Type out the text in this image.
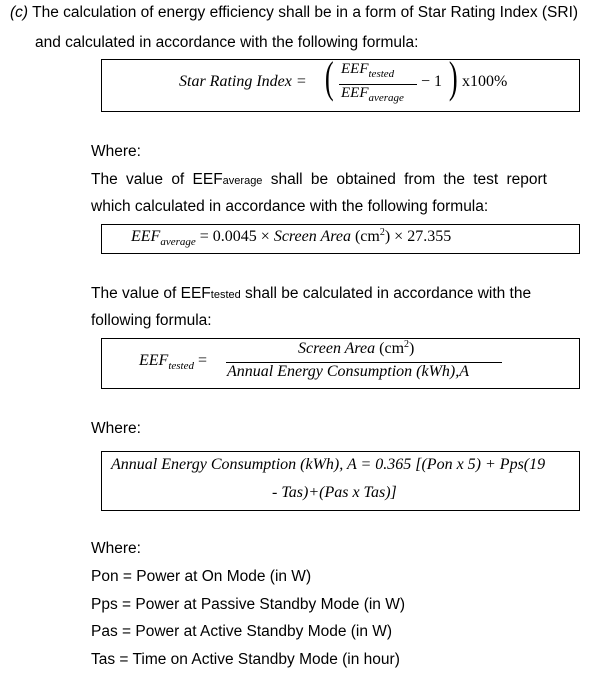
(c) The calculation of energy efficiency shall be in a form of Star Rating Index (SRI)
and calculated in accordance with the following formula:
Star Rating Index = ( $EEF_{tested}$
$EEF_{average}$
− 1 ) x100%
Where:
The value of EEFaverage shall be obtained from the test report
which calculated in accordance with the following formula:
$EEF_{average} = 0.0045$ × Screen Area $(cm^2) \times 27.355$
The value of EEFtested shall be calculated in accordance with the
following formula:
$EEF_{tested}$ =
Screen Area $(cm^2)$
Annual Energy Consumption (kWh),A
Where:
Annual Energy Consumption (kWh), A = 0.365 [(Pon x 5) + Pps(19
- Tas)+(Pas x Tas)]
Where:
Pon = Power at On Mode (in W)
Pps = Power at Passive Standby Mode (in W)
Pas = Power at Active Standby Mode (in W)
Tas = Time on Active Standby Mode (in hour)
